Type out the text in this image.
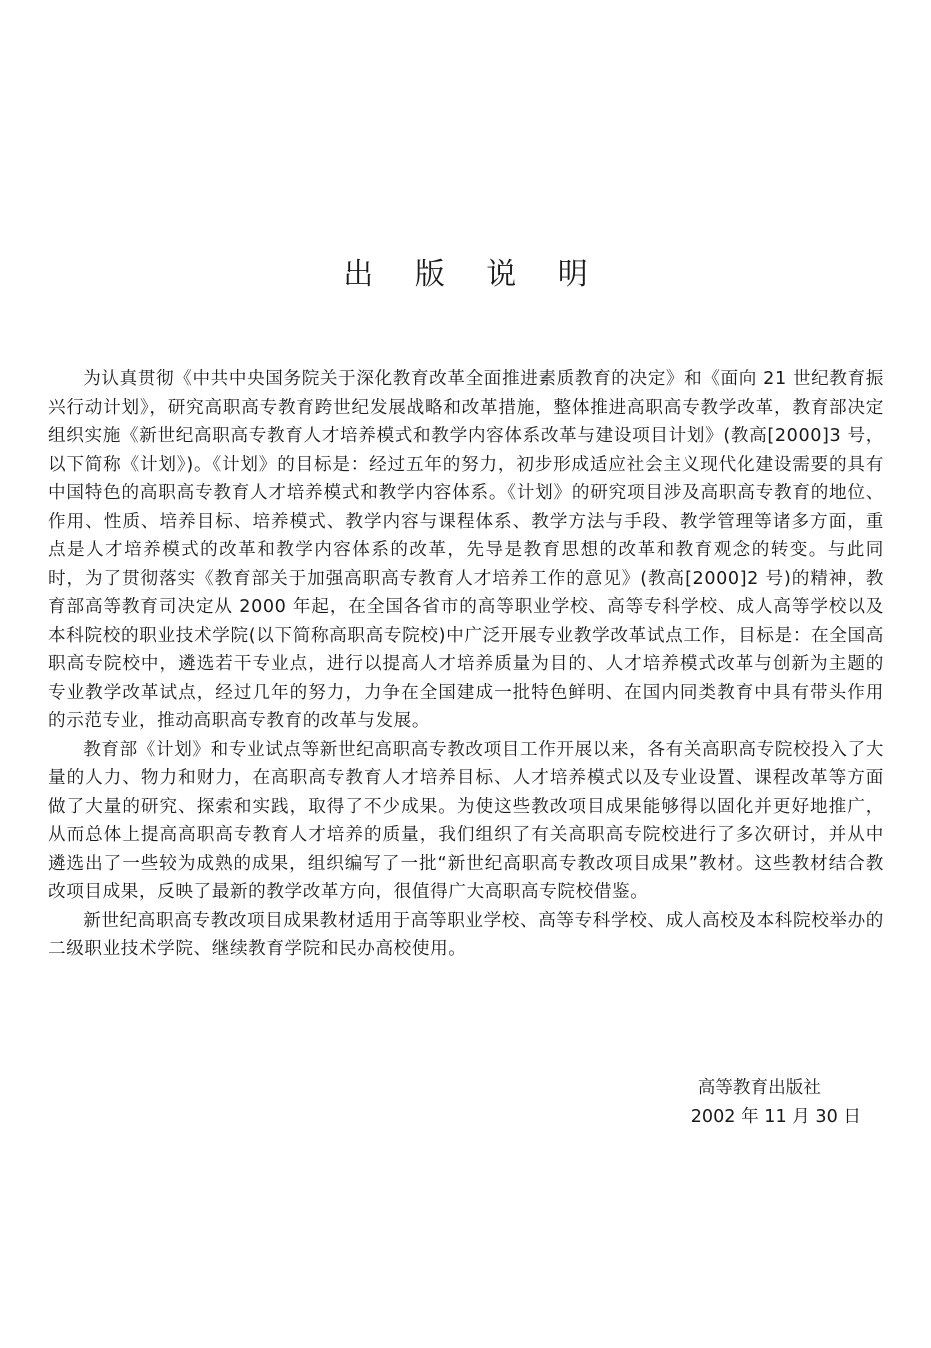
出 版 说 明

为认真贯彻《中共中央国务院关于深化教育改革全面推进素质教育的决定》和《面向 21 世纪教育振兴行动计划》，研究高职高专教育跨世纪发展战略和改革措施，整体推进高职高专教学改革，教育部决定组织实施《新世纪高职高专教育人才培养模式和教学内容体系改革与建设项目计划》(教高[2000]3 号，以下简称《计划》)。《计划》的目标是：经过五年的努力，初步形成适应社会主义现代化建设需要的具有中国特色的高职高专教育人才培养模式和教学内容体系。《计划》的研究项目涉及高职高专教育的地位、作用、性质、培养目标、培养模式、教学内容与课程体系、教学方法与手段、教学管理等诸多方面，重点是人才培养模式的改革和教学内容体系的改革，先导是教育思想的改革和教育观念的转变。与此同时，为了贯彻落实《教育部关于加强高职高专教育人才培养工作的意见》(教高[2000]2 号)的精神，教育部高等教育司决定从 2000 年起，在全国各省市的高等职业学校、高等专科学校、成人高等学校以及本科院校的职业技术学院(以下简称高职高专院校)中广泛开展专业教学改革试点工作，目标是：在全国高职高专院校中，遴选若干专业点，进行以提高人才培养质量为目的、人才培养模式改革与创新为主题的专业教学改革试点，经过几年的努力，力争在全国建成一批特色鲜明、在国内同类教育中具有带头作用的示范专业，推动高职高专教育的改革与发展。

教育部《计划》和专业试点等新世纪高职高专教改项目工作开展以来，各有关高职高专院校投入了大量的人力、物力和财力，在高职高专教育人才培养目标、人才培养模式以及专业设置、课程改革等方面做了大量的研究、探索和实践，取得了不少成果。为使这些教改项目成果能够得以固化并更好地推广，从而总体上提高高职高专教育人才培养的质量，我们组织了有关高职高专院校进行了多次研讨，并从中遴选出了一些较为成熟的成果，组织编写了一批“新世纪高职高专教改项目成果”教材。这些教材结合教改项目成果，反映了最新的教学改革方向，很值得广大高职高专院校借鉴。

新世纪高职高专教改项目成果教材适用于高等职业学校、高等专科学校、成人高校及本科院校举办的二级职业技术学院、继续教育学院和民办高校使用。

高等教育出版社
2002 年 11 月 30 日
